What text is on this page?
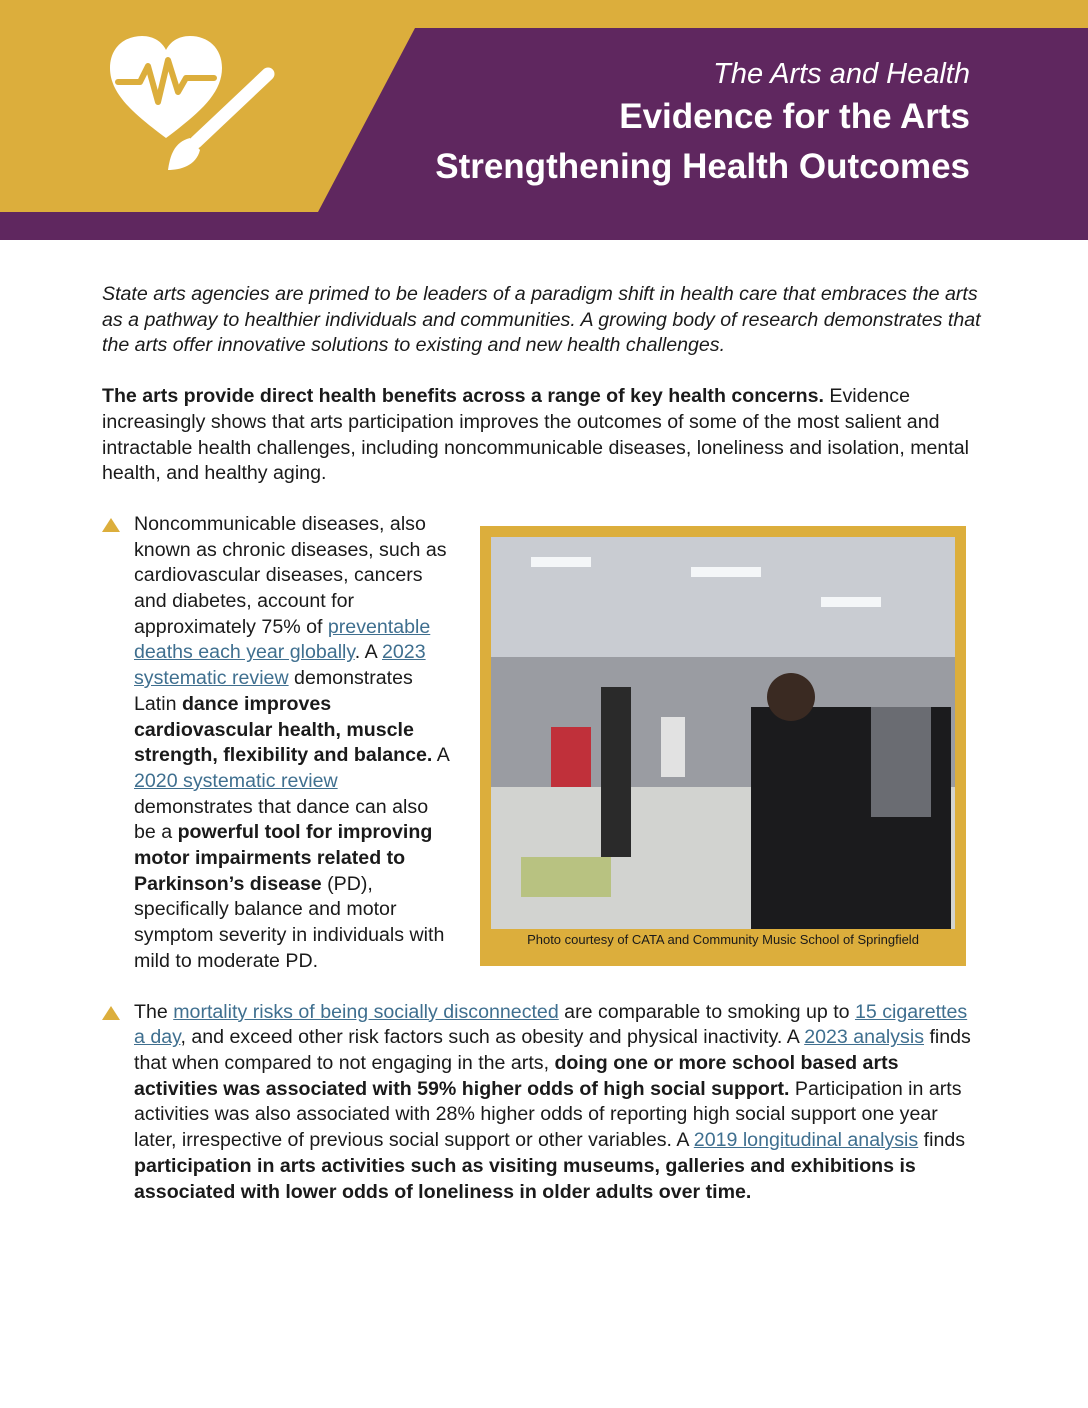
The Arts and Health
Evidence for the Arts
Strengthening Health Outcomes

State arts agencies are primed to be leaders of a paradigm shift in health care that embraces the arts as a pathway to healthier individuals and communities. A growing body of research demonstrates that the arts offer innovative solutions to existing and new health challenges.

The arts provide direct health benefits across a range of key health concerns. Evidence increasingly shows that arts participation improves the outcomes of some of the most salient and intractable health challenges, including noncommunicable diseases, loneliness and isolation, mental health, and healthy aging.

Photo courtesy of CATA and Community Music School of Springfield
Noncommunicable diseases, also known as chronic diseases, such as cardiovascular diseases, cancers and diabetes, account for approximately 75% of preventable deaths each year globally. A 2023 systematic review demonstrates Latin dance improves cardiovascular health, muscle strength, flexibility and balance. A 2020 systematic review demonstrates that dance can also be a powerful tool for improving motor impairments related to Parkinson’s disease (PD), specifically balance and motor symptom severity in individuals with mild to moderate PD.
The mortality risks of being socially disconnected are comparable to smoking up to 15 cigarettes a day, and exceed other risk factors such as obesity and physical inactivity. A 2023 analysis finds that when compared to not engaging in the arts, doing one or more school based arts activities was associated with 59% higher odds of high social support. Participation in arts activities was also associated with 28% higher odds of reporting high social support one year later, irrespective of previous social support or other variables. A 2019 longitudinal analysis finds participation in arts activities such as visiting museums, galleries and exhibitions is associated with lower odds of loneliness in older adults over time.
